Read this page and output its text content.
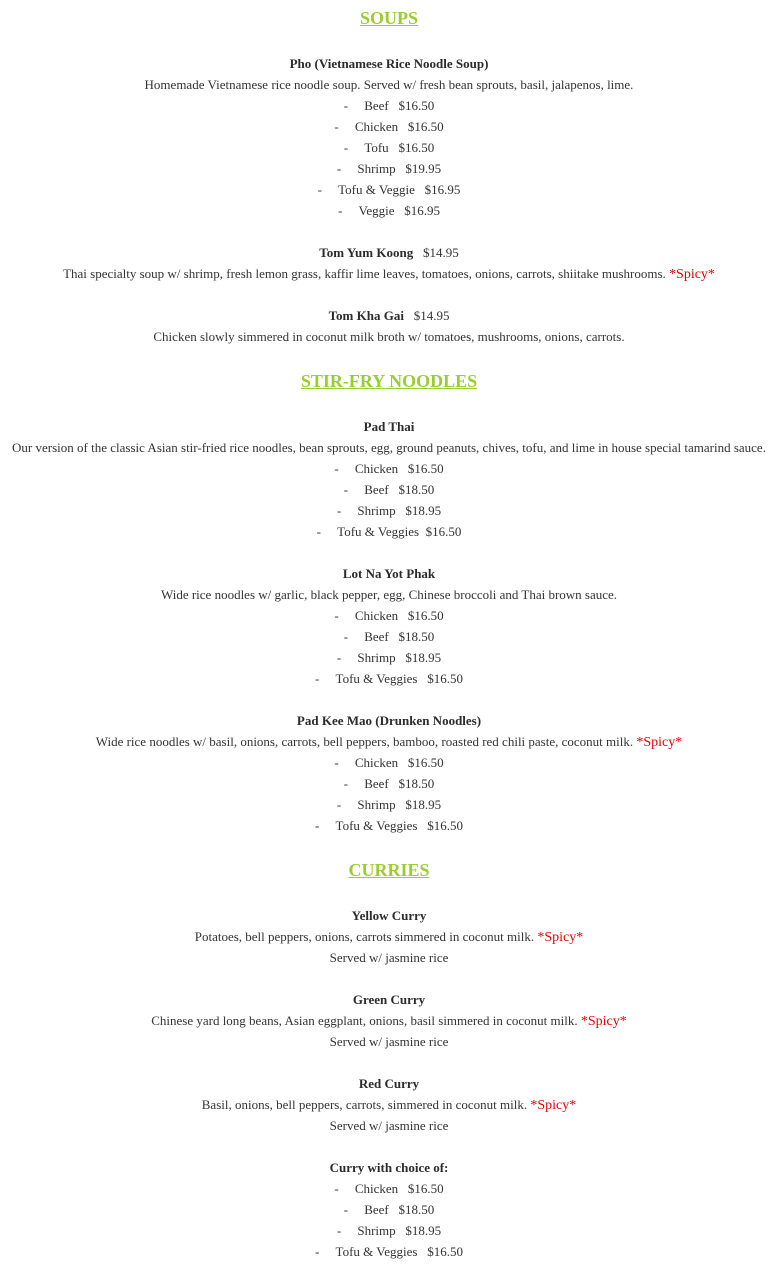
SOUPS
Pho (Vietnamese Rice Noodle Soup)
Homemade Vietnamese rice noodle soup. Served w/ fresh bean sprouts, basil, jalapenos, lime.
- Beef $16.50
- Chicken $16.50
- Tofu $16.50
- Shrimp $19.95
- Tofu & Veggie $16.95
- Veggie $16.95
Tom Yum Koong $14.95
Thai specialty soup w/ shrimp, fresh lemon grass, kaffir lime leaves, tomatoes, onions, carrots, shiitake mushrooms. *Spicy*
Tom Kha Gai $14.95
Chicken slowly simmered in coconut milk broth w/ tomatoes, mushrooms, onions, carrots.
STIR-FRY NOODLES
Pad Thai
Our version of the classic Asian stir-fried rice noodles, bean sprouts, egg, ground peanuts, chives, tofu, and lime in house special tamarind sauce.
- Chicken $16.50
- Beef $18.50
- Shrimp $18.95
- Tofu & Veggies $16.50
Lot Na Yot Phak
Wide rice noodles w/ garlic, black pepper, egg, Chinese broccoli and Thai brown sauce.
- Chicken $16.50
- Beef $18.50
- Shrimp $18.95
- Tofu & Veggies $16.50
Pad Kee Mao (Drunken Noodles)
Wide rice noodles w/ basil, onions, carrots, bell peppers, bamboo, roasted red chili paste, coconut milk. *Spicy*
- Chicken $16.50
- Beef $18.50
- Shrimp $18.95
- Tofu & Veggies $16.50
CURRIES
Yellow Curry
Potatoes, bell peppers, onions, carrots simmered in coconut milk. *Spicy*
Served w/ jasmine rice
Green Curry
Chinese yard long beans, Asian eggplant, onions, basil simmered in coconut milk. *Spicy*
Served w/ jasmine rice
Red Curry
Basil, onions, bell peppers, carrots, simmered in coconut milk. *Spicy*
Served w/ jasmine rice
Curry with choice of:
- Chicken $16.50
- Beef $18.50
- Shrimp $18.95
- Tofu & Veggies $16.50
